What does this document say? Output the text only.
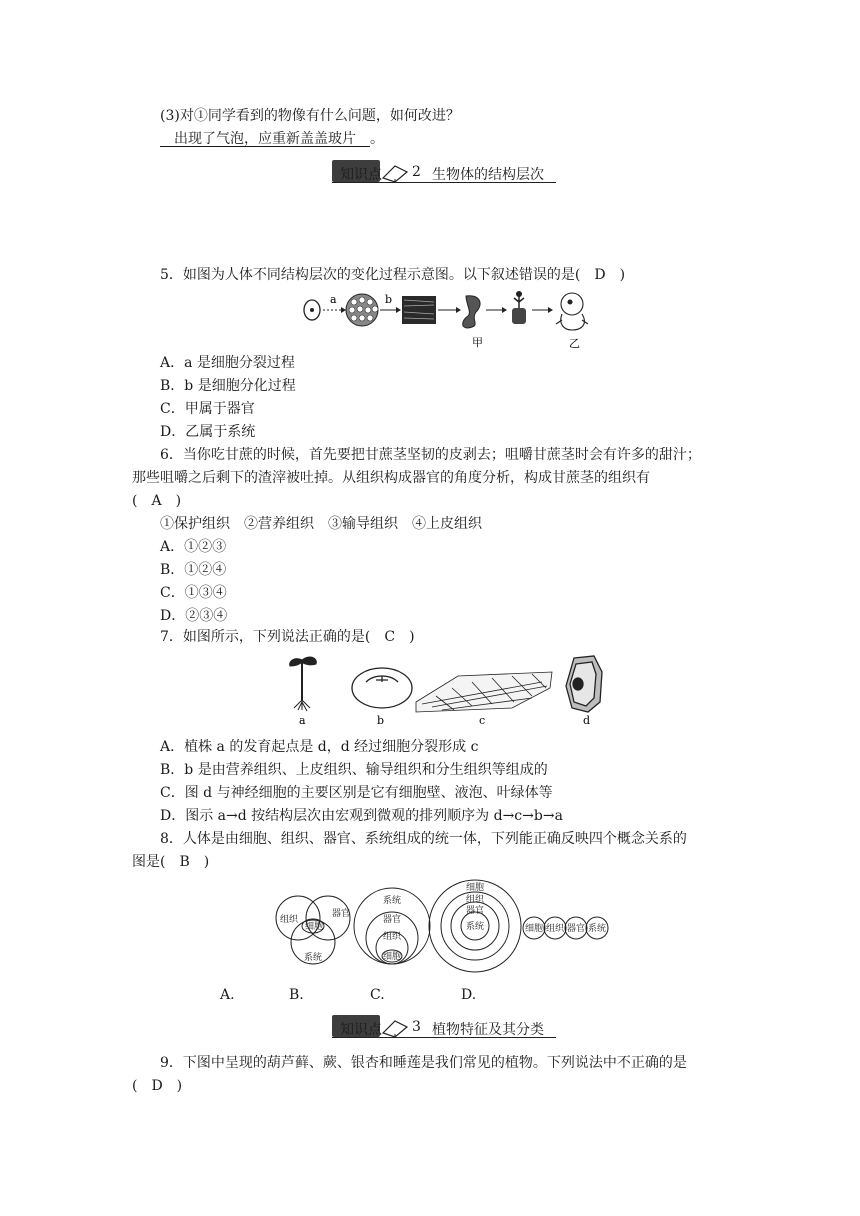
(3)对①同学看到的物像有什么问题，如何改进？
 出现了气泡，应重新盖盖玻片  。
知识点 2 生物体的结构层次
5．如图为人体不同结构层次的变化过程示意图。以下叙述错误的是(　D　)
a	b
甲	乙
A．a 是细胞分裂过程
B．b 是细胞分化过程
C．甲属于器官
D．乙属于系统
6．当你吃甘蔗的时候，首先要把甘蔗茎坚韧的皮剥去；咀嚼甘蔗茎时会有许多的甜汁；
那些咀嚼之后剩下的渣滓被吐掉。从组织构成器官的角度分析，构成甘蔗茎的组织有
(　A　)
①保护组织　②营养组织　③输导组织　④上皮组织
A．①②③
B．①②④
C．①③④
D．②③④
7．如图所示，下列说法正确的是(　C　)
a	b	c	d
A．植株 a 的发育起点是 d，d 经过细胞分裂形成 c
B．b 是由营养组织、上皮组织、输导组织和分生组织等组成的
C．图 d 与神经细胞的主要区别是它有细胞壁、液泡、叶绿体等
D．图示 a→d 按结构层次由宏观到微观的排列顺序为 d→c→b→a
8．人体是由细胞、组织、器官、系统组成的统一体，下列能正确反映四个概念关系的
图是(　B　)
组织
器官
细胞
系统
系统
器官
组织
细胞
细胞
组织
器官
系统	细胞 组织 器官 系统
A.	B.	C.	D.
知识点 3 植物特征及其分类
9．下图中呈现的葫芦藓、蕨、银杏和睡莲是我们常见的植物。下列说法中不正确的是
(　D　)
